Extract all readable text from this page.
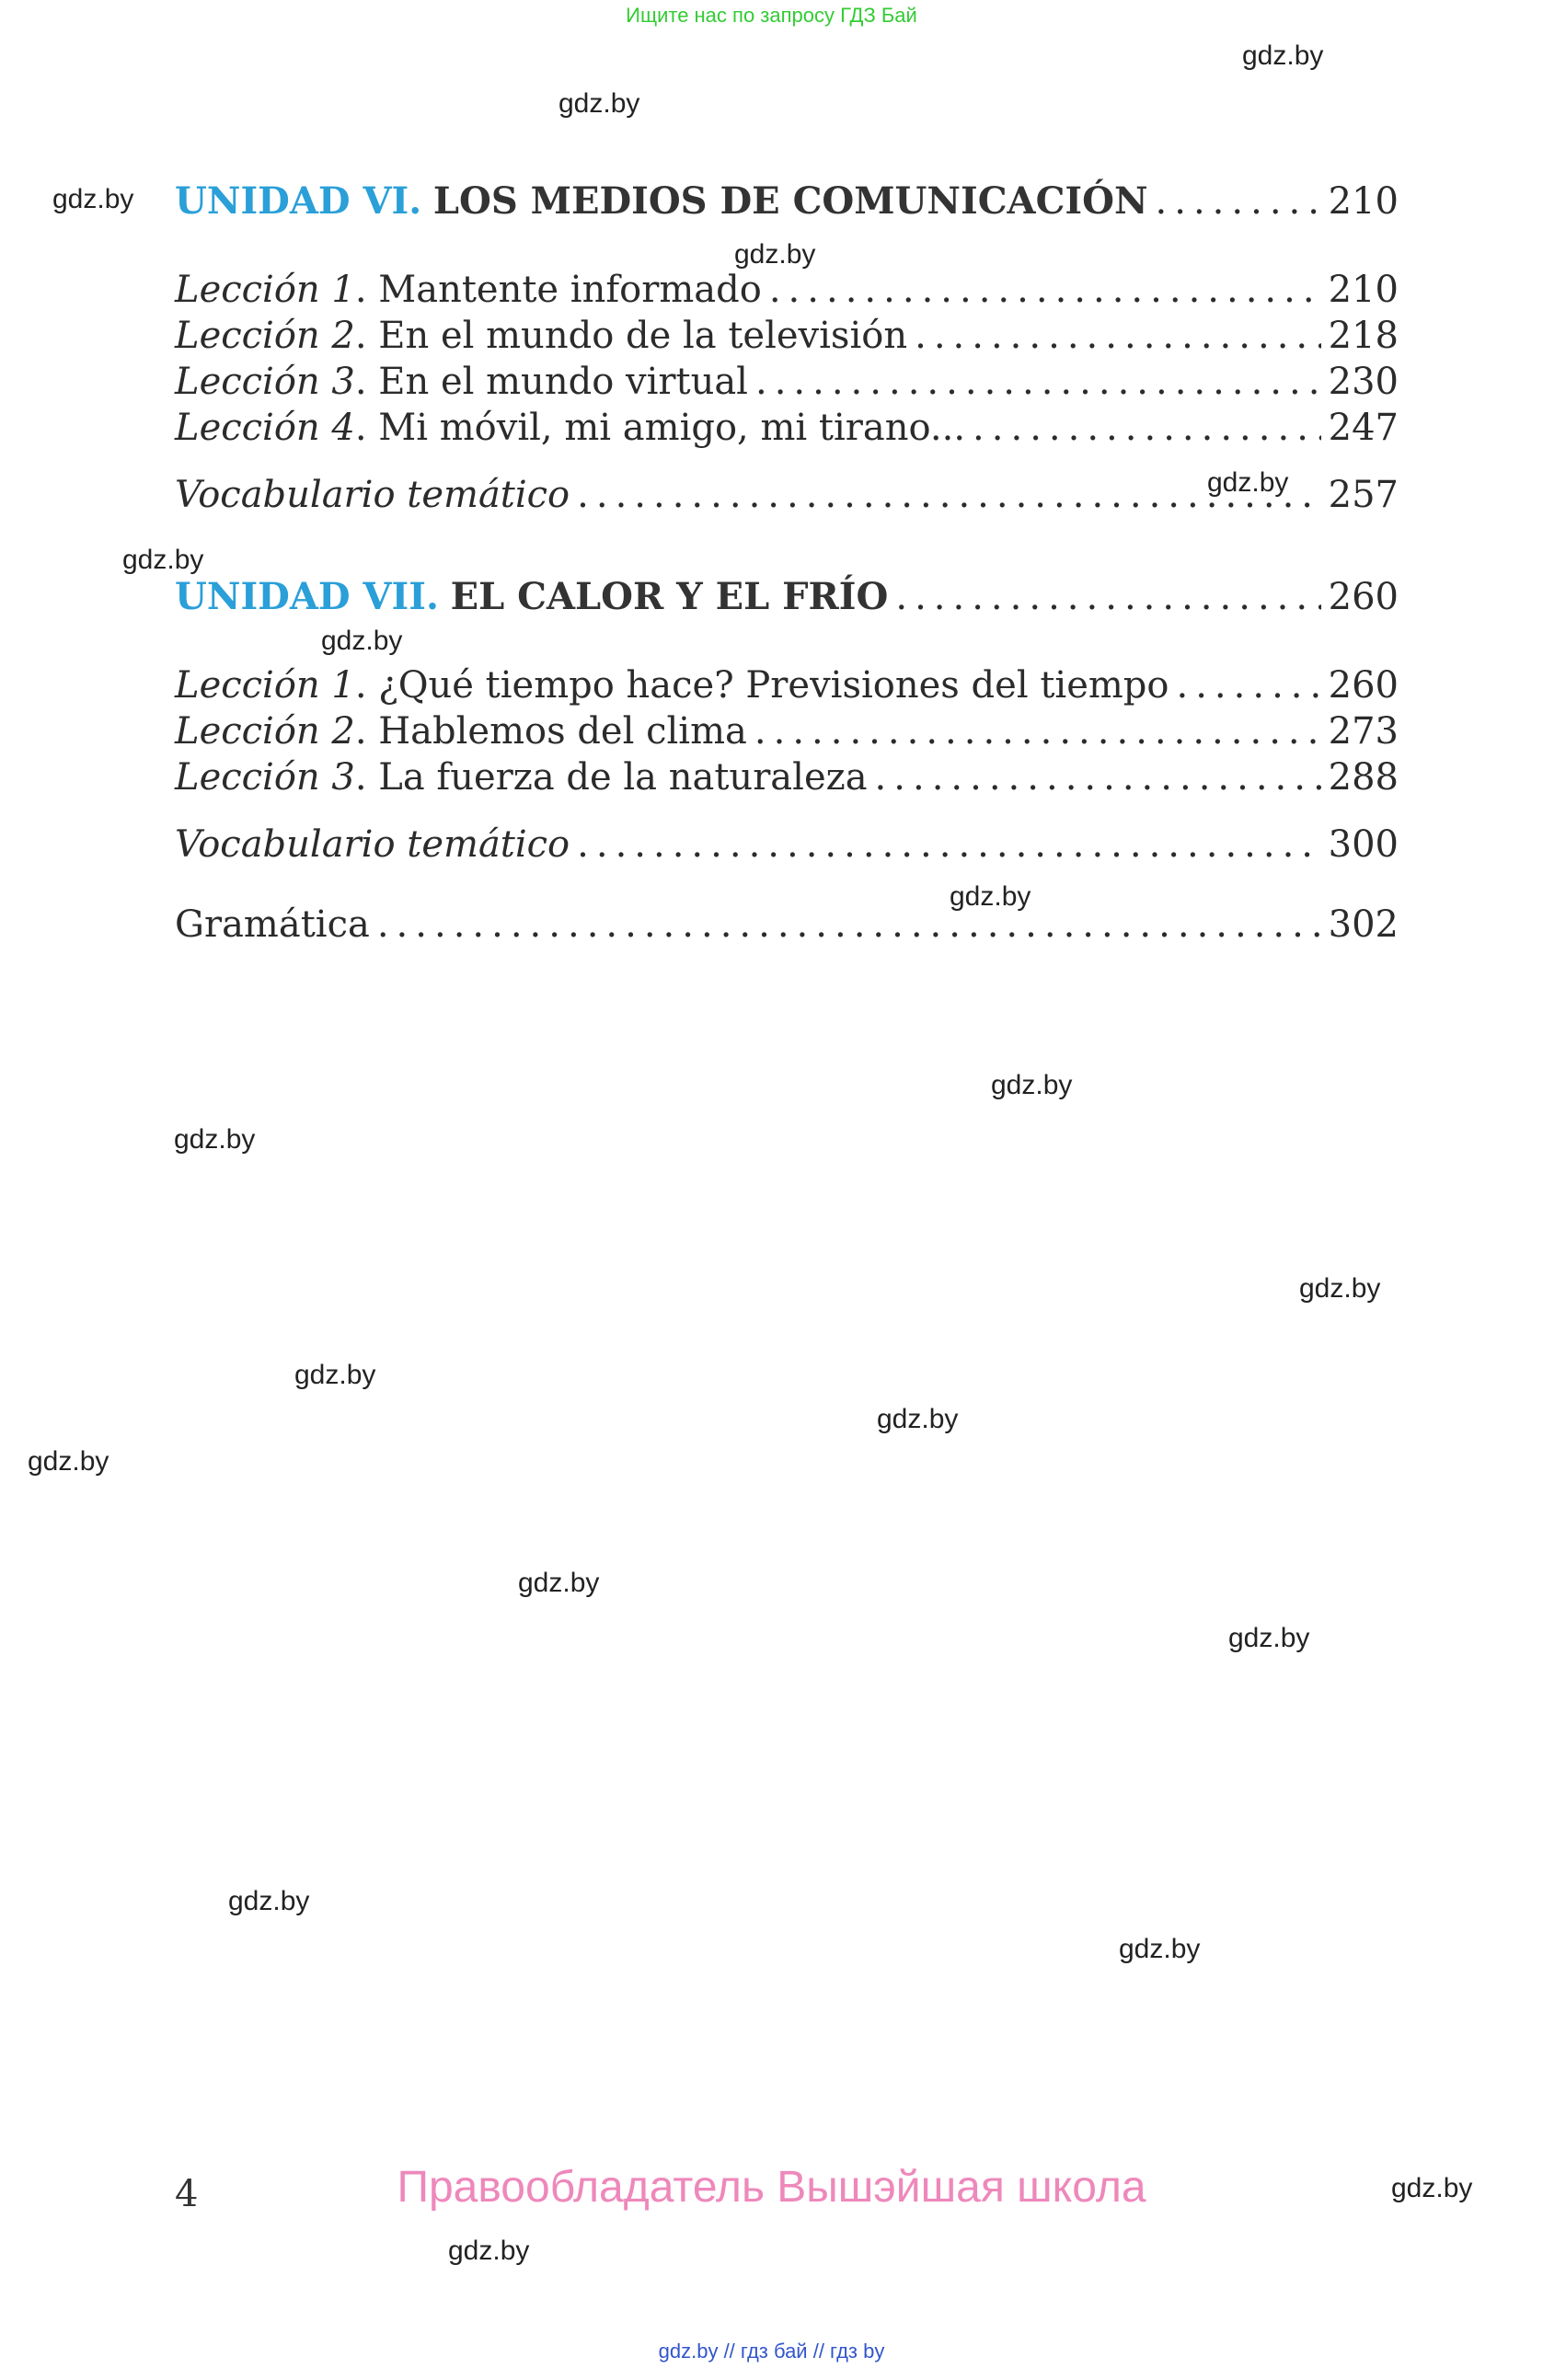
Ищите нас по запросу ГДЗ Бай
gdz.by
gdz.by
gdz.by
gdz.by
gdz.by
gdz.by
gdz.by
gdz.by
gdz.by
gdz.by
gdz.by
gdz.by
gdz.by
gdz.by
gdz.by
gdz.by
gdz.by
gdz.by
gdz.by
gdz.by
UNIDAD VI. LOS MEDIOS DE COMUNICACIÓN .....	210
Lección 1. Mantente informado .....	210
Lección 2. En el mundo de la televisión .....	218
Lección 3. En el mundo virtual .....	230
Lección 4. Mi móvil, mi amigo, mi tirano... .....	247
Vocabulario temático .....	257
UNIDAD VII. EL CALOR Y EL FRÍO .....	260
Lección 1. ¿Qué tiempo hace? Previsiones del tiempo .....	260
Lección 2. Hablemos del clima .....	273
Lección 3. La fuerza de la naturaleza .....	288
Vocabulario temático .....	300
Gramática .....	302
4	Правообладатель Вышэйшая школа
gdz.by // гдз бай // гдз by
